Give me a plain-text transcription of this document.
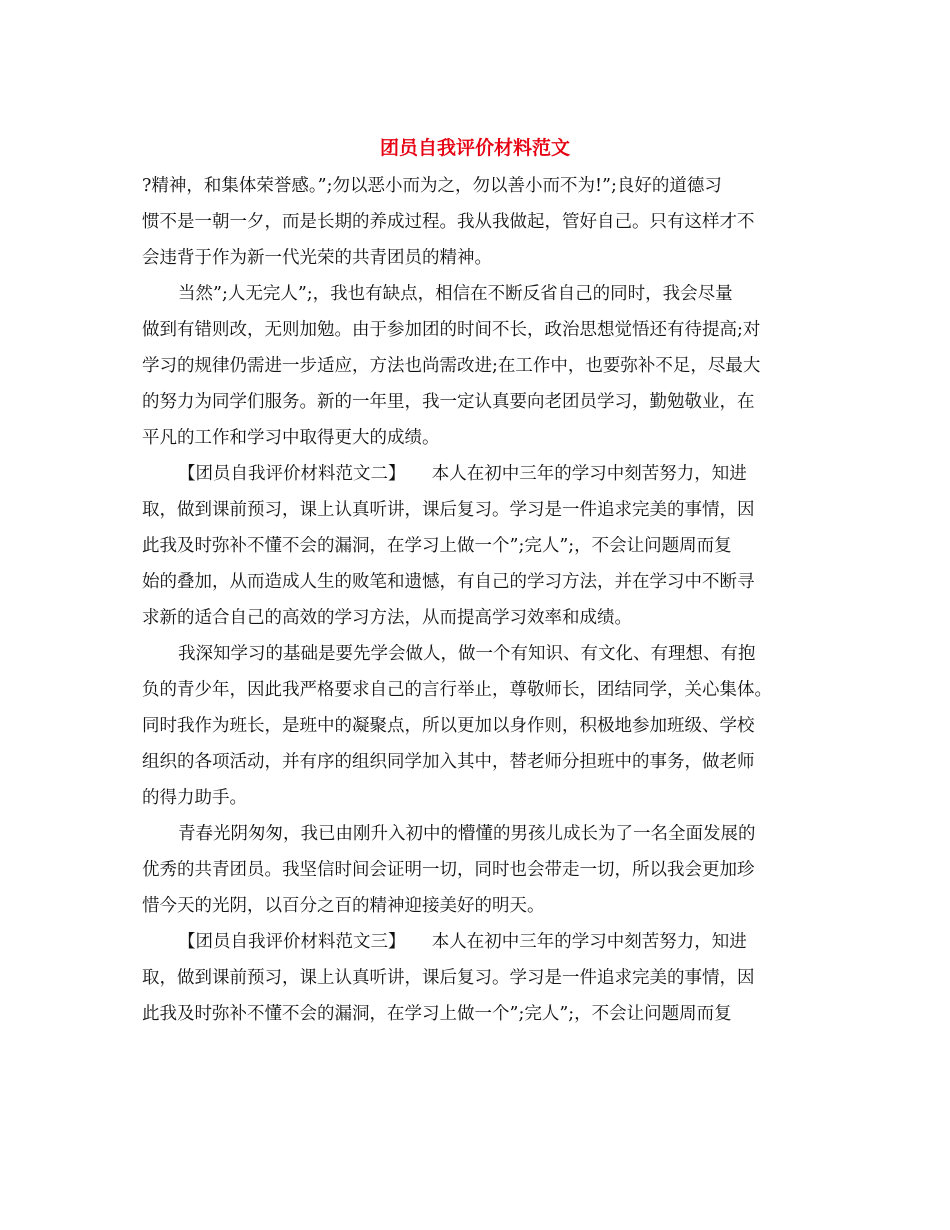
团员自我评价材料范文
?精神，和集体荣誉感。”;勿以恶小而为之，勿以善小而不为!”;良好的道德习
惯不是一朝一夕，而是长期的养成过程。我从我做起，管好自己。只有这样才不
会违背于作为新一代光荣的共青团员的精神。
当然”;人无完人”;，我也有缺点，相信在不断反省自己的同时，我会尽量
做到有错则改，无则加勉。由于参加团的时间不长，政治思想觉悟还有待提高;对
学习的规律仍需进一步适应，方法也尚需改进;在工作中，也要弥补不足，尽最大
的努力为同学们服务。新的一年里，我一定认真要向老团员学习，勤勉敬业，在
平凡的工作和学习中取得更大的成绩。
【团员自我评价材料范文二】　　本人在初中三年的学习中刻苦努力，知进
取，做到课前预习，课上认真听讲，课后复习。学习是一件追求完美的事情，因
此我及时弥补不懂不会的漏洞，在学习上做一个”;完人”;，不会让问题周而复
始的叠加，从而造成人生的败笔和遗憾，有自己的学习方法，并在学习中不断寻
求新的适合自己的高效的学习方法，从而提高学习效率和成绩。
我深知学习的基础是要先学会做人，做一个有知识、有文化、有理想、有抱
负的青少年，因此我严格要求自己的言行举止，尊敬师长，团结同学，关心集体。
同时我作为班长，是班中的凝聚点，所以更加以身作则，积极地参加班级、学校
组织的各项活动，并有序的组织同学加入其中，替老师分担班中的事务，做老师
的得力助手。
青春光阴匆匆，我已由刚升入初中的懵懂的男孩儿成长为了一名全面发展的
优秀的共青团员。我坚信时间会证明一切，同时也会带走一切，所以我会更加珍
惜今天的光阴，以百分之百的精神迎接美好的明天。
【团员自我评价材料范文三】　　本人在初中三年的学习中刻苦努力，知进
取，做到课前预习，课上认真听讲，课后复习。学习是一件追求完美的事情，因
此我及时弥补不懂不会的漏洞，在学习上做一个”;完人”;，不会让问题周而复
